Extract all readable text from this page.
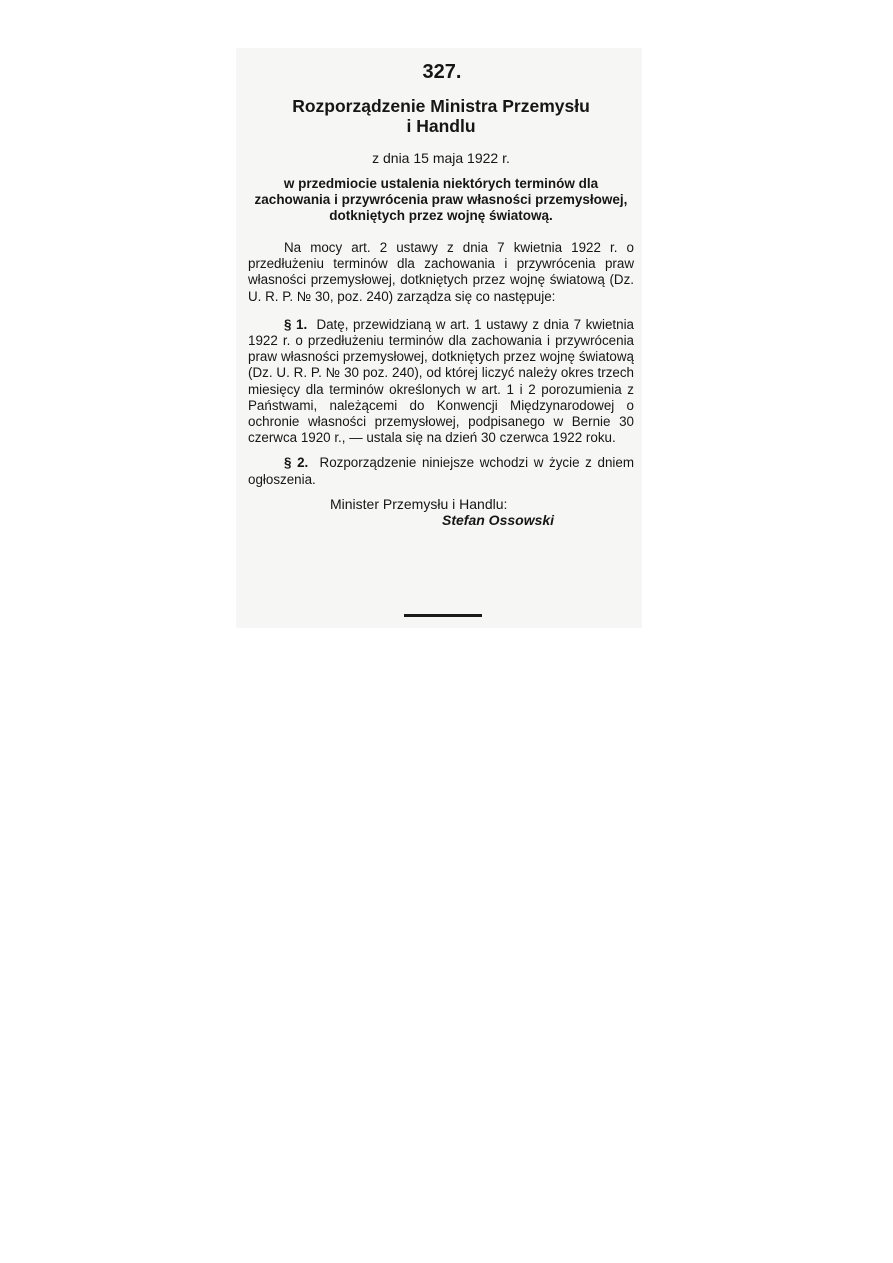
327.
Rozporządzenie Ministra Przemysłu
i Handlu
z dnia 15 maja 1922 r.
w przedmiocie ustalenia niektórych terminów dla zachowania i przywrócenia praw własności przemysłowej, dotkniętych przez wojnę światową.

Na mocy art. 2 ustawy z dnia 7 kwietnia 1922 r. o przedłużeniu terminów dla zachowania i przywrócenia praw własności przemysłowej, dotkniętych przez wojnę światową (Dz. U. R. P. № 30, poz. 240) zarządza się co następuje:

§ 1. Datę, przewidzianą w art. 1 ustawy z dnia 7 kwietnia 1922 r. o przedłużeniu terminów dla zachowania i przywrócenia praw własności przemysłowej, dotkniętych przez wojnę światową (Dz. U. R. P. № 30 poz. 240), od której liczyć należy okres trzech miesięcy dla terminów określonych w art. 1 i 2 porozumienia z Państwami, należącemi do Konwencji Międzynarodowej o ochronie własności przemysłowej, podpisanego w Bernie 30 czerwca 1920 r., — ustala się na dzień 30 czerwca 1922 roku.

§ 2. Rozporządzenie niniejsze wchodzi w życie z dniem ogłoszenia.

Minister Przemysłu i Handlu:
Stefan Ossowski
